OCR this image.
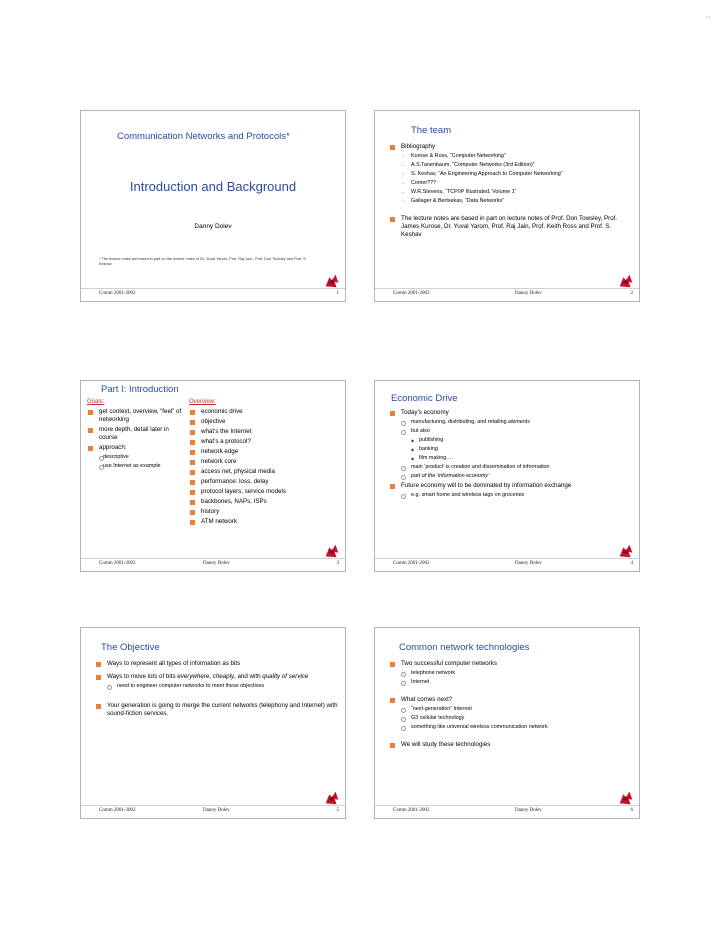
₋₁
Communication Networks and Protocols*
Introduction and Background
Danny Dolev
* The lecture notes are based in part on the lecture notes of Dr. Yuval Yarom, Prof. Raj Jain,, Prof. Don Towsley and Prof. S. Keshav
Comm 2001-2002	1
The team
Bibliography
→ Kurose & Ross, “Computer Networking”
→ A.S.Tanenbaum, “Computer Networks (3rd Edition)”
→ S. Keshav, “An Engineering Approach to Computer Networking”
→ Comer???
→ W.R.Stevens, “TCP/IP Illustrated, Volume 1”
→ Gallager & Bertsekas, “Data Networks”
The lecture notes are based in part on lecture notes of Prof. Don Towsley, Prof. James Kurose, Dr. Yuval Yarom, Prof. Raj Jain, Prof. Keith Ross and Prof. S. Keshav
Comm 2001-2002	Danny Dolev	2
Part I: Introduction
Goals:
get context, overview, “feel” of networking
more depth, detail later in course
approach:
descriptive
use Internet as example
Overview:
economic drive
objective
what’s the Internet
what’s a protocol?
network edge
network core
access net, physical media
performance: loss, delay
protocol layers, service models
backbones, NAPs, ISPs
history
ATM network
Comm 2001-2002	Danny Dolev	3
Economic Drive
Today’s economy
manufacturing, distributing, and retailing elements
but also
◆ publishing
◆ banking
◆ film making….
main ‘product’ is creation and dissemination of information
part of the ‘information economy’
Future economy will to be dominated by information exchange
e.g. smart home and wireless tags on groceries
Comm 2001-2002	Danny Dolev	4
The Objective
Ways to represent all types of information as bits
Ways to move lots of bits everywhere, cheaply, and with quality of service
need to engineer computer networks to meet these objectives
Your generation is going to merge the current networks (telephony and Internet) with sound-fiction services.
Comm 2001-2002	Danny Dolev	5
Common network technologies
Two successful computer networks
telephone network
Internet
What comes next?
“next-generation” Internet
G3 cellular technology
something like universal wireless communication network
We will study these technologies
Comm 2001-2002	Danny Dolev	6
